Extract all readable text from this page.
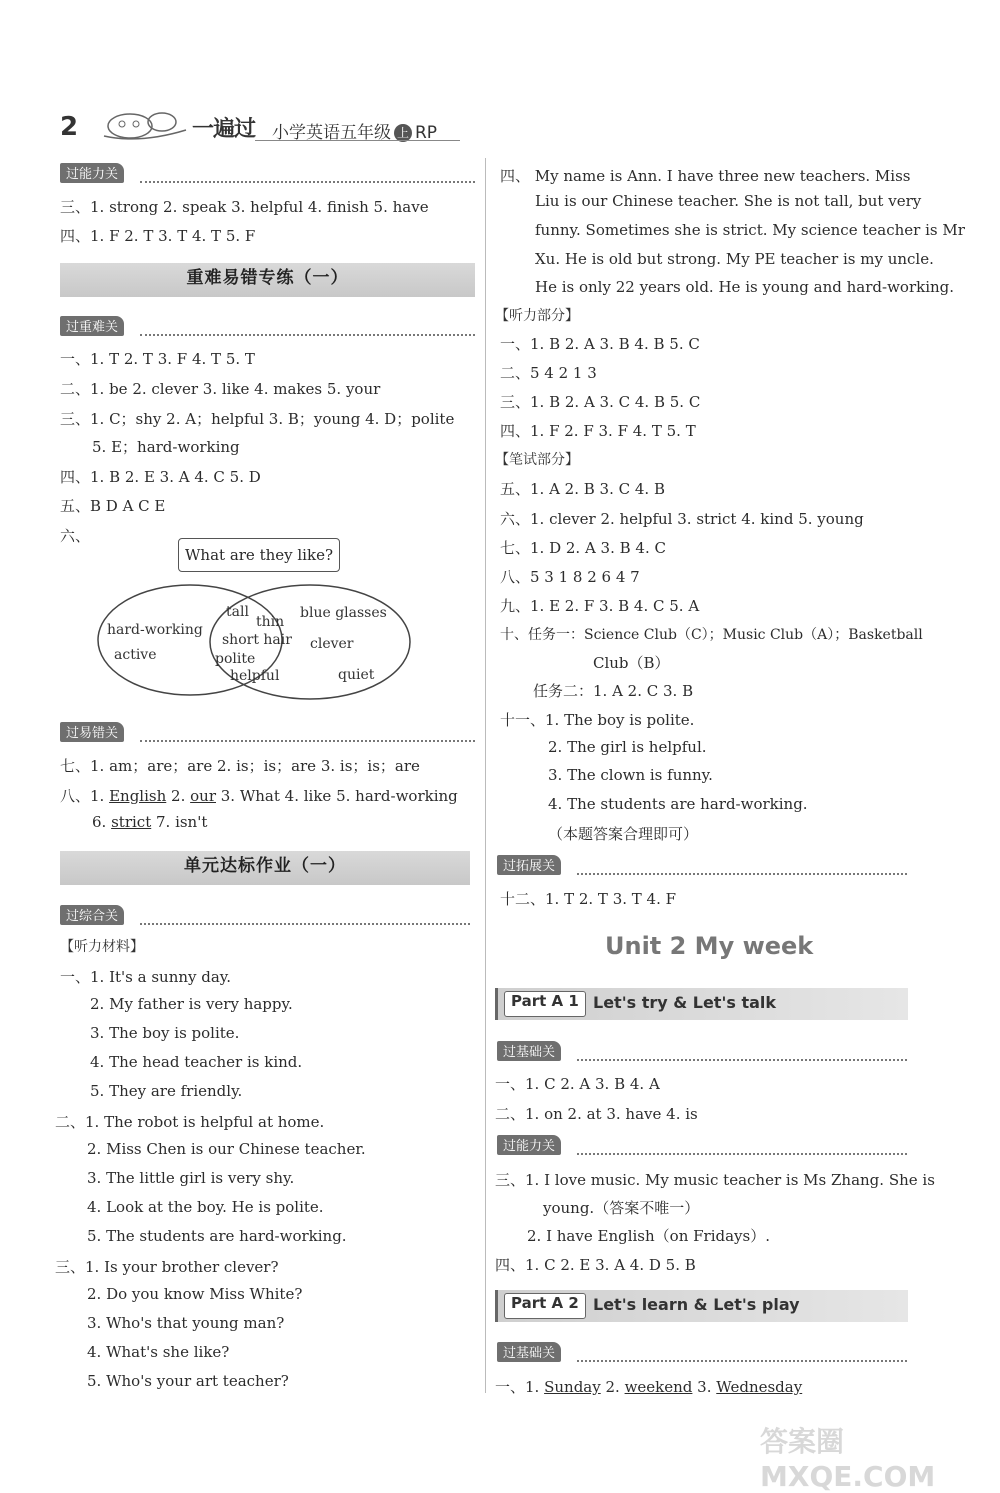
2	一遍过 小学英语五年级 上 RP
过能力关
三、1. strong 2. speak 3. helpful 4. finish 5. have
四、1. F 2. T 3. T 4. T 5. F
重难易错专练（一）
过重难关
一、1. T 2. T 3. F 4. T 5. T
二、1. be 2. clever 3. like 4. makes 5. your
三、1. C；shy 2. A；helpful 3. B；young 4. D；polite
5. E；hard-working
四、1. B 2. E 3. A 4. C 5. D
五、B D A C E
六、
What are they like?
hard-working
active
tall
thin
short hair
polite
helpful
blue glasses
clever
quiet
过易错关
七、1. am；are；are 2. is；is；are 3. is；is；are
八、1. English 2. our 3. What 4. like 5. hard-working
6. strict 7. isn't
单元达标作业（一）
过综合关
【听力材料】
一、1. It's a sunny day.
2. My father is very happy.
3. The boy is polite.
4. The head teacher is kind.
5. They are friendly.
二、1. The robot is helpful at home.
2. Miss Chen is our Chinese teacher.
3. The little girl is very shy.
4. Look at the boy. He is polite.
5. The students are hard-working.
三、1. Is your brother clever?
2. Do you know Miss White?
3. Who's that young man?
4. What's she like?
5. Who's your art teacher?
四、 My name is Ann. I have three new teachers. Miss
Liu is our Chinese teacher. She is not tall, but very
funny. Sometimes she is strict. My science teacher is Mr
Xu. He is old but strong. My PE teacher is my uncle.
He is only 22 years old. He is young and hard-working.
【听力部分】
一、1. B 2. A 3. B 4. B 5. C
二、5 4 2 1 3
三、1. B 2. A 3. C 4. B 5. C
四、1. F 2. F 3. F 4. T 5. T
【笔试部分】
五、1. A 2. B 3. C 4. B
六、1. clever 2. helpful 3. strict 4. kind 5. young
七、1. D 2. A 3. B 4. C
八、5 3 1 8 2 6 4 7
九、1. E 2. F 3. B 4. C 5. A
十、任务一：Science Club（C）；Music Club（A）；Basketball
Club（B）
任务二：1. A 2. C 3. B
十一、1. The boy is polite.
2. The girl is helpful.
3. The clown is funny.
4. The students are hard-working.
（本题答案合理即可）
过拓展关
十二、1. T 2. T 3. T 4. F
Unit 2 My week
Part A 1 Let's try & Let's talk
过基础关
一、1. C 2. A 3. B 4. A
二、1. on 2. at 3. have 4. is
过能力关
三、1. I love music. My music teacher is Ms Zhang. She is
young.（答案不唯一）
2. I have English（on Fridays）.
四、1. C 2. E 3. A 4. D 5. B
Part A 2 Let's learn & Let's play
过基础关
一、1. Sunday 2. weekend 3. Wednesday
答案圈 MXQE.COM
